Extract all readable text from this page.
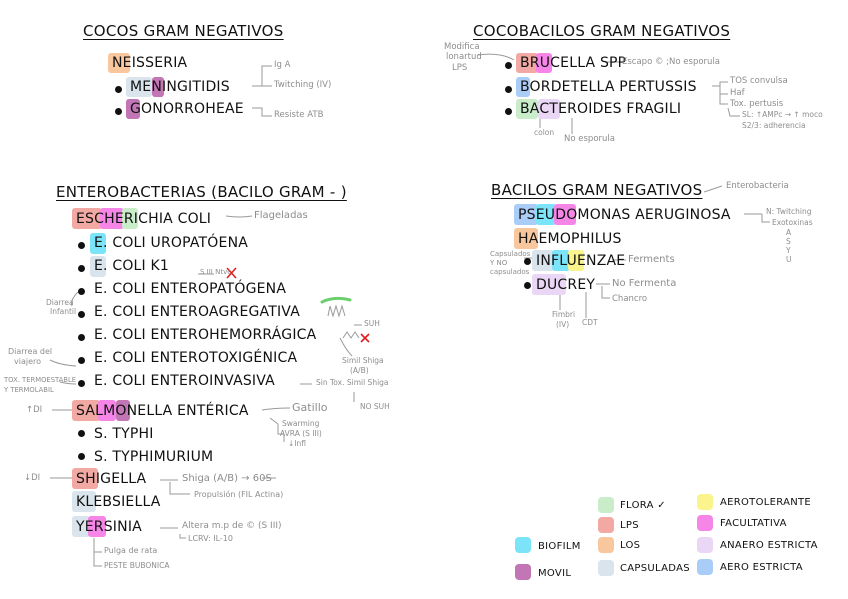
COCOS GRAM NEGATIVOS
NEISSERIA
MENINGITIDIS
GONORROHEAE
Ig A
Twitching (IV)
Resiste ATB
COCOBACILOS GRAM NEGATIVOS
Modifica
lonartud
LPS	BRUCELLA SPP
Escapo © ;No esporula
BORDETELLA PERTUSSIS	TOS convulsa
Haf
Tox. pertusis
SL: ↑AMPc → ↑ moco
S2/3: adherencia
BACTEROIDES FRAGILI
colon
No esporula
ENTEROBACTERIAS (BACILO GRAM - )
ESCHERICHIA COLI	Flageladas
E. COLI UROPATÓENA
E. COLI K1	S III Ntvc
E. COLI ENTEROPATÓGENA
Diarrea
Infantil E. COLI ENTEROAGREGATIVA
E. COLI ENTEROHEMORRÁGICA
SUH
Simil Shiga
(A/B)
E. COLI ENTEROTOXIGÉNICA
Diarrea del
viajero
TOX. TERMOESTABLE
Y TERMOLABIL
E. COLI ENTEROINVASIVA	Sin Tox. Simil Shiga
NO SUH
↑DI SALMONELLA ENTÉRICA	Gatillo
Swarming
AVRA (S III)
↓Infl
S. TYPHI
S. TYPHIMURIUM
↓DI	SHIGELLA	Shiga (A/B) → 60S
Propulsión (FIL Actina)
KLEBSIELLA
YERSINIA	Altera m.p de © (S III)
LCRV: IL-10
Pulga de rata
PESTE BUBONICA
BACILOS GRAM NEGATIVOS	Enterobacteria
PSEUDOMONAS AERUGINOSA	N: Twitching
Exotoxinas
A
S
Y
U
HAEMOPHILUS
Capsulados
Y NO
capsulados
INFLUENZAE Ferments
DUCREY No Fermenta
Chancro
Fimbri
(IV) CDT
BIOFILM
MOVIL
FLORA ✓
LPS
LOS
CAPSULADAS
AEROTOLERANTE
FACULTATIVA
ANAERO ESTRICTA
AERO ESTRICTA
